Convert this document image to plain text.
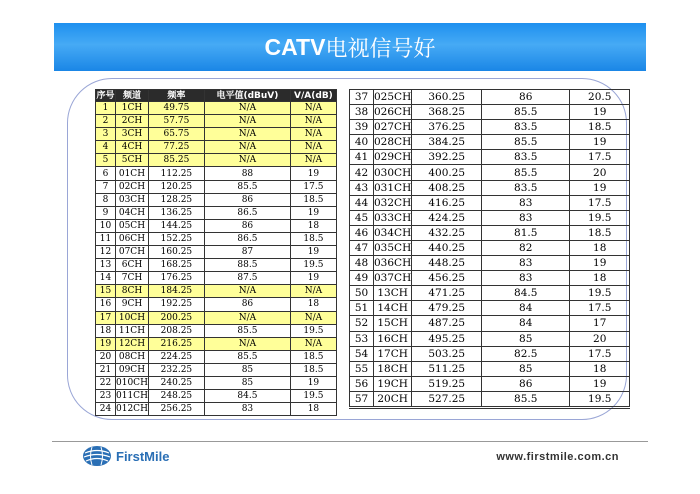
CATV 电视信号好
序号	频道	频率	电平值(dBuV)	V/A(dB)
1	1CH	49.75	N/A	N/A
2	2CH	57.75	N/A	N/A
3	3CH	65.75	N/A	N/A
4	4CH	77.25	N/A	N/A
5	5CH	85.25	N/A	N/A
6	01CH	112.25	88	19
7	02CH	120.25	85.5	17.5
8	03CH	128.25	86	18.5
9	04CH	136.25	86.5	19
10	05CH	144.25	86	18
11	06CH	152.25	86.5	18.5
12	07CH	160.25	87	19
13	6CH	168.25	88.5	19.5
14	7CH	176.25	87.5	19
15	8CH	184.25	N/A	N/A
16	9CH	192.25	86	18
17	10CH	200.25	N/A	N/A
18	11CH	208.25	85.5	19.5
19	12CH	216.25	N/A	N/A
20	08CH	224.25	85.5	18.5
21	09CH	232.25	85	18.5
22	010CH	240.25	85	19
23	011CH	248.25	84.5	19.5
24	012CH	256.25	83	18
37	025CH	360.25	86	20.5
38	026CH	368.25	85.5	19
39	027CH	376.25	83.5	18.5
40	028CH	384.25	85.5	19
41	029CH	392.25	83.5	17.5
42	030CH	400.25	85.5	20
43	031CH	408.25	83.5	19
44	032CH	416.25	83	17.5
45	033CH	424.25	83	19.5
46	034CH	432.25	81.5	18.5
47	035CH	440.25	82	18
48	036CH	448.25	83	19
49	037CH	456.25	83	18
50	13CH	471.25	84.5	19.5
51	14CH	479.25	84	17.5
52	15CH	487.25	84	17
53	16CH	495.25	85	20
54	17CH	503.25	82.5	17.5
55	18CH	511.25	85	18
56	19CH	519.25	86	19
57	20CH	527.25	85.5	19.5
FirstMile	www.firstmile.com.cn
